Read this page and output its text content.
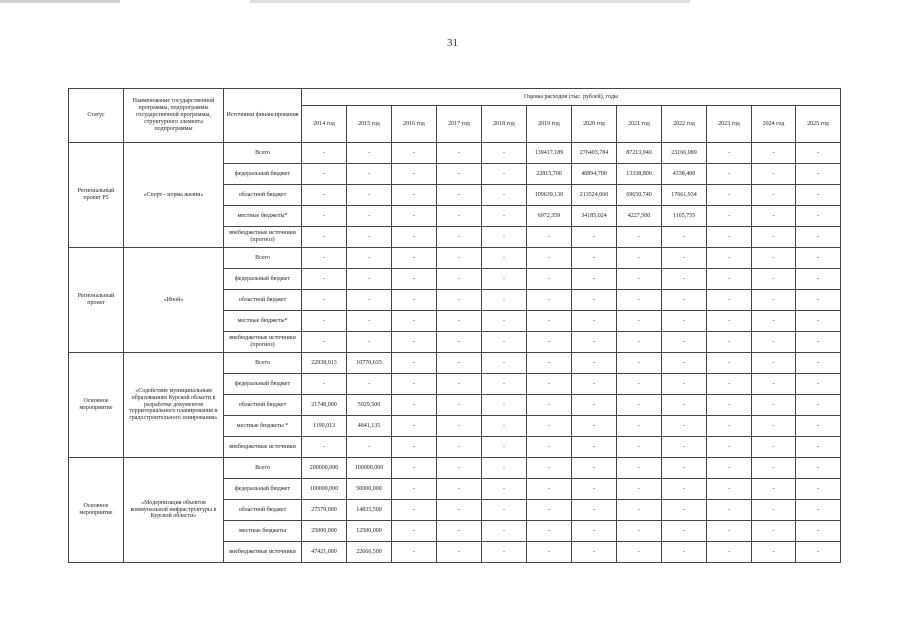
31
Статус	Наименование государственной программы, подпрограммы государственной программы, структурного элемента подпрограммы	Источники финансирования	Оценка расходов (тыс. рублей), годы											
			2014 год	2015 год	2016 год	2017 год	2018 год	2019 год	2020 год	2021 год	2022 год	2023 год	2024 год	2025 год
Региональный проект Р5	«Спорт - норма жизни»	Всего	-	-	-	-	-	139417,189	276403,784	87213,040	23166,089	-	-	-
		федеральный бюджет	-	-	-	-	-	22815,700	40894,700	13338,800	4338,400	-	-	-
		областной бюджет	-	-	-	-	-	109639,130	213524,060	69650,740	17661,934	-	-	-
		местные бюджеты*	-	-	-	-	-	6972,359	34185,024	4227,500	1165,755	-	-	-
		внебюджетные источники (прогноз)	-	-	-	-	-	-	-	-	-	-	-	-
Региональный проект	«Иной»	Всего	-	-	-	-	-	-	-	-	-	-	-	-
		федеральный бюджет	-	-	-	-	-	-	-	-	-	-	-	-
		областной бюджет	-	-	-	-	-	-	-	-	-	-	-	-
		местные бюджеты*	-	-	-	-	-	-	-	-	-	-	-	-
		внебюджетные источники (прогноз)	-	-	-	-	-	-	-	-	-	-	-	-
Основное мероприятие	«Содействие муниципальным образованиям Курской области в разработке документов территориального планирования и градостроительного зонирования»	Всего	22938,013	10770,635	-	-	-	-	-	-	-	-	-	-
		федеральный бюджет	-	-	-	-	-	-	-	-	-	-	-	-
		областной бюджет	21748,000	5929,500	-	-	-	-	-	-	-	-	-	-
		местные бюджеты *	1190,013	4841,135	-	-	-	-	-	-	-	-	-	-
		внебюджетные источники	-	-	-	-	-	-	-	-	-	-	-	-
Основное мероприятие	«Модернизация объектов коммунальной инфраструктуры в Курской области»	Всего	200000,000	100000,000	-	-	-	-	-	-	-	-	-	-
		федеральный бюджет	100000,000	50000,000	-	-	-	-	-	-	-	-	-	-
		областной бюджет	27579,000	14833,500	-	-	-	-	-	-	-	-	-	-
		местные бюджеты	25000,000	12500,000	-	-	-	-	-	-	-	-	-	-
		внебюджетные источники	47421,000	22666,500	-	-	-	-	-	-	-	-	-	-
